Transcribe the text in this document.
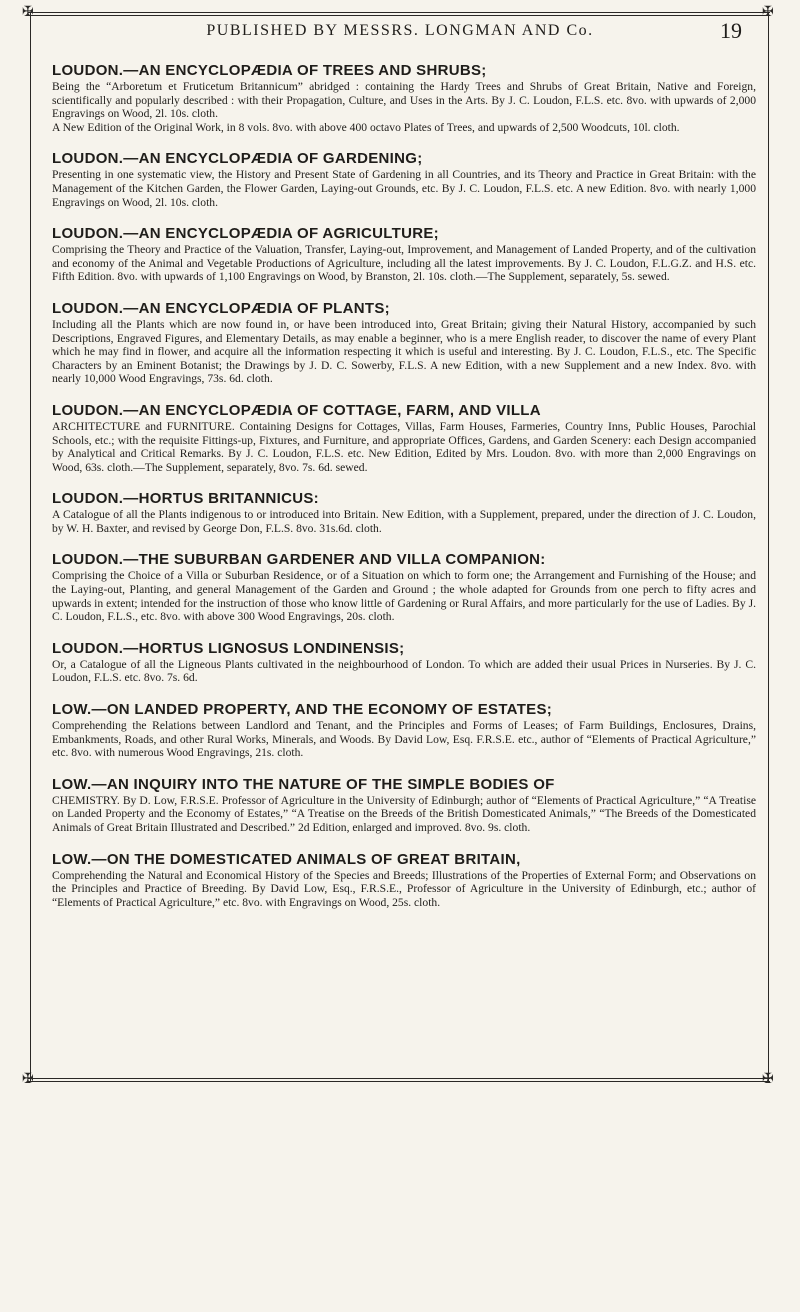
✠	✠
✠	✠
PUBLISHED BY MESSRS. LONGMAN AND Co.	19
LOUDON.—AN ENCYCLOPÆDIA OF TREES AND SHRUBS;

Being the “Arboretum et Fruticetum Britannicum” abridged : containing the Hardy Trees and Shrubs of Great Britain, Native and Foreign, scientifically and popularly described : with their Propagation, Culture, and Uses in the Arts. By J. C. Loudon, F.L.S. etc. 8vo. with upwards of 2,000 Engravings on Wood, 2l. 10s. cloth.

A New Edition of the Original Work, in 8 vols. 8vo. with above 400 octavo Plates of Trees, and upwards of 2,500 Woodcuts, 10l. cloth.

LOUDON.—AN ENCYCLOPÆDIA OF GARDENING;

Presenting in one systematic view, the History and Present State of Gardening in all Countries, and its Theory and Practice in Great Britain: with the Management of the Kitchen Garden, the Flower Garden, Laying-out Grounds, etc. By J. C. Loudon, F.L.S. etc. A new Edition. 8vo. with nearly 1,000 Engravings on Wood, 2l. 10s. cloth.

LOUDON.—AN ENCYCLOPÆDIA OF AGRICULTURE;

Comprising the Theory and Practice of the Valuation, Transfer, Laying-out, Improvement, and Management of Landed Property, and of the cultivation and economy of the Animal and Vegetable Productions of Agriculture, including all the latest improvements. By J. C. Loudon, F.L.G.Z. and H.S. etc. Fifth Edition. 8vo. with upwards of 1,100 Engravings on Wood, by Branston, 2l. 10s. cloth.—The Supplement, separately, 5s. sewed.

LOUDON.—AN ENCYCLOPÆDIA OF PLANTS;

Including all the Plants which are now found in, or have been introduced into, Great Britain; giving their Natural History, accompanied by such Descriptions, Engraved Figures, and Elementary Details, as may enable a beginner, who is a mere English reader, to discover the name of every Plant which he may find in flower, and acquire all the information respecting it which is useful and interesting. By J. C. Loudon, F.L.S., etc. The Specific Characters by an Eminent Botanist; the Drawings by J. D. C. Sowerby, F.L.S. A new Edition, with a new Supplement and a new Index. 8vo. with nearly 10,000 Wood Engravings, 73s. 6d. cloth.

LOUDON.—AN ENCYCLOPÆDIA OF COTTAGE, FARM, AND VILLA

ARCHITECTURE and FURNITURE. Containing Designs for Cottages, Villas, Farm Houses, Farmeries, Country Inns, Public Houses, Parochial Schools, etc.; with the requisite Fittings-up, Fixtures, and Furniture, and appropriate Offices, Gardens, and Garden Scenery: each Design accompanied by Analytical and Critical Remarks. By J. C. Loudon, F.L.S. etc. New Edition, Edited by Mrs. Loudon. 8vo. with more than 2,000 Engravings on Wood, 63s. cloth.—The Supplement, separately, 8vo. 7s. 6d. sewed.

LOUDON.—HORTUS BRITANNICUS:

A Catalogue of all the Plants indigenous to or introduced into Britain. New Edition, with a Supplement, prepared, under the direction of J. C. Loudon, by W. H. Baxter, and revised by George Don, F.L.S. 8vo. 31s.6d. cloth.

LOUDON.—THE SUBURBAN GARDENER AND VILLA COMPANION:

Comprising the Choice of a Villa or Suburban Residence, or of a Situation on which to form one; the Arrangement and Furnishing of the House; and the Laying-out, Planting, and general Management of the Garden and Ground ; the whole adapted for Grounds from one perch to fifty acres and upwards in extent; intended for the instruction of those who know little of Gardening or Rural Affairs, and more particularly for the use of Ladies. By J. C. Loudon, F.L.S., etc. 8vo. with above 300 Wood Engravings, 20s. cloth.

LOUDON.—HORTUS LIGNOSUS LONDINENSIS;

Or, a Catalogue of all the Ligneous Plants cultivated in the neighbourhood of London. To which are added their usual Prices in Nurseries. By J. C. Loudon, F.L.S. etc. 8vo. 7s. 6d.

LOW.—ON LANDED PROPERTY, AND THE ECONOMY OF ESTATES;

Comprehending the Relations between Landlord and Tenant, and the Principles and Forms of Leases; of Farm Buildings, Enclosures, Drains, Embankments, Roads, and other Rural Works, Minerals, and Woods. By David Low, Esq. F.R.S.E. etc., author of “Elements of Practical Agriculture,” etc. 8vo. with numerous Wood Engravings, 21s. cloth.

LOW.—AN INQUIRY INTO THE NATURE OF THE SIMPLE BODIES OF

CHEMISTRY. By D. Low, F.R.S.E. Professor of Agriculture in the University of Edinburgh; author of “Elements of Practical Agriculture,” “A Treatise on Landed Property and the Economy of Estates,” “A Treatise on the Breeds of the British Domesticated Animals,” “The Breeds of the Domesticated Animals of Great Britain Illustrated and Described.” 2d Edition, enlarged and improved. 8vo. 9s. cloth.

LOW.—ON THE DOMESTICATED ANIMALS OF GREAT BRITAIN,

Comprehending the Natural and Economical History of the Species and Breeds; Illustrations of the Properties of External Form; and Observations on the Principles and Practice of Breeding. By David Low, Esq., F.R.S.E., Professor of Agriculture in the University of Edinburgh, etc.; author of “Elements of Practical Agriculture,” etc. 8vo. with Engravings on Wood, 25s. cloth.
